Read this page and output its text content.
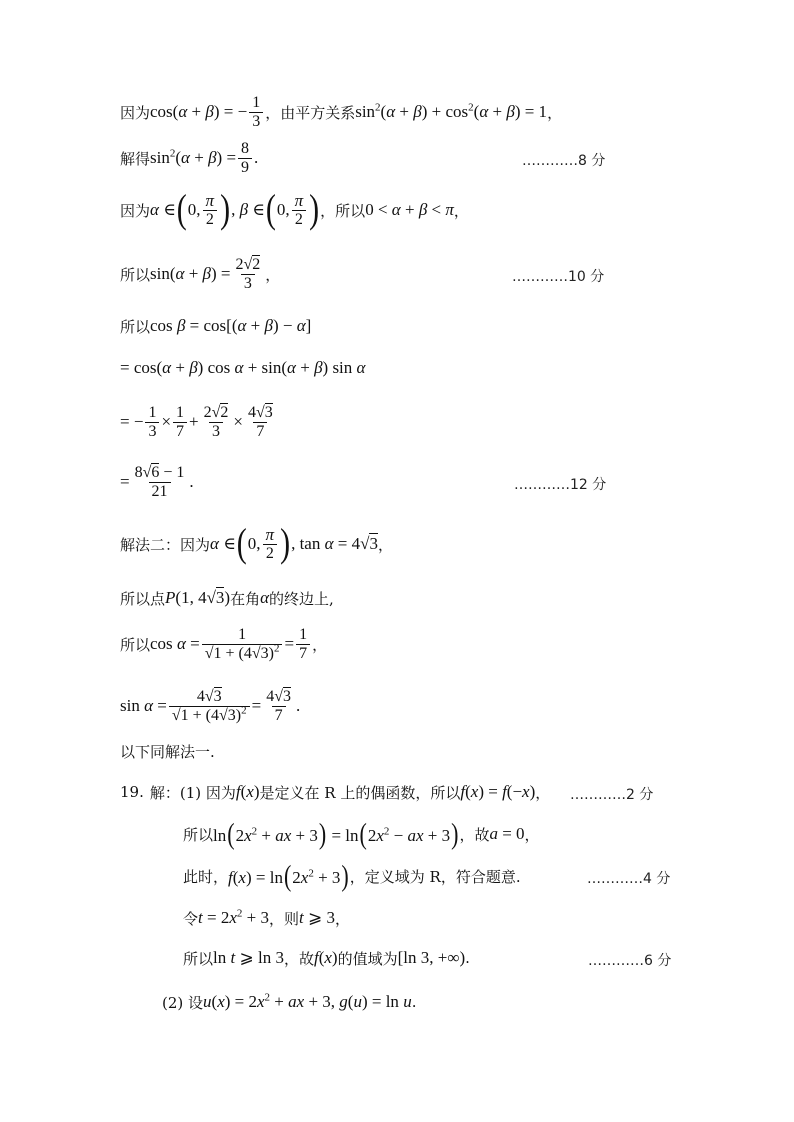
因为 cos(α + β) = − $\frac{1}{3}$ ，由平方关系 $\sin^2(\alpha + \beta) + \cos^2(\alpha + \beta) = 1$ ，
解得 $\sin^2(\alpha + \beta) = \frac{8}{9}$ .	…………8 分
因为 α ∈ ( 0, $\frac{\pi}{2}$ ) , β ∈ ( 0, $\frac{\pi}{2}$ ) ，所以 0 < α + β < π ，
所以 $\sin(\alpha + \beta) = \frac{2√2}{3}$ ，	…………10 分
所以 cos β = cos[(α + β) − α]
= cos(α + β) cos α + sin(α + β) sin α
= − $\frac{1}{3} \times \frac{1}{7} + \frac{2√2}{3} \times \frac{4√3}{7}$
= $\frac{8√6 - 1}{21}$ .	…………12 分
解法二：因为 α ∈ ( 0, $\frac{\pi}{2}$ ) , tan α = 4√3 ，
所以点 P(1, 4√3) 在角 α 的终边上,
所以 $\cos \alpha = \frac{1}{√1 + (4√3)^2} = \frac{1}{7}$ ，
$\sin \alpha = \frac{4√3}{√1 + (4√3)^2} = \frac{4√3}{7}$ .
以下同解法一.
19. 解：(1) 因为 f(x) 是定义在 R 上的偶函数，所以 f(x) = f(−x) ， …………2 分
所以 $\ln(2x^2$ + ax + $3) = \ln(2x^2$ − ax + 3) ，故 a = 0 ，
此时， $f(x) = \ln(2x^2 + 3)$ ，定义域为 R，符合题意.	…………4 分
令 $t = 2x^2 + 3$ ，则 t ⩾ 3 ，
所以 ln t ⩾ ln 3 ，故 f(x) 的值域为 [ln 3, +∞) .	…………6 分
(2) 设 $u(x) = 2x^2$ + ax + 3, g(u) = ln u .
